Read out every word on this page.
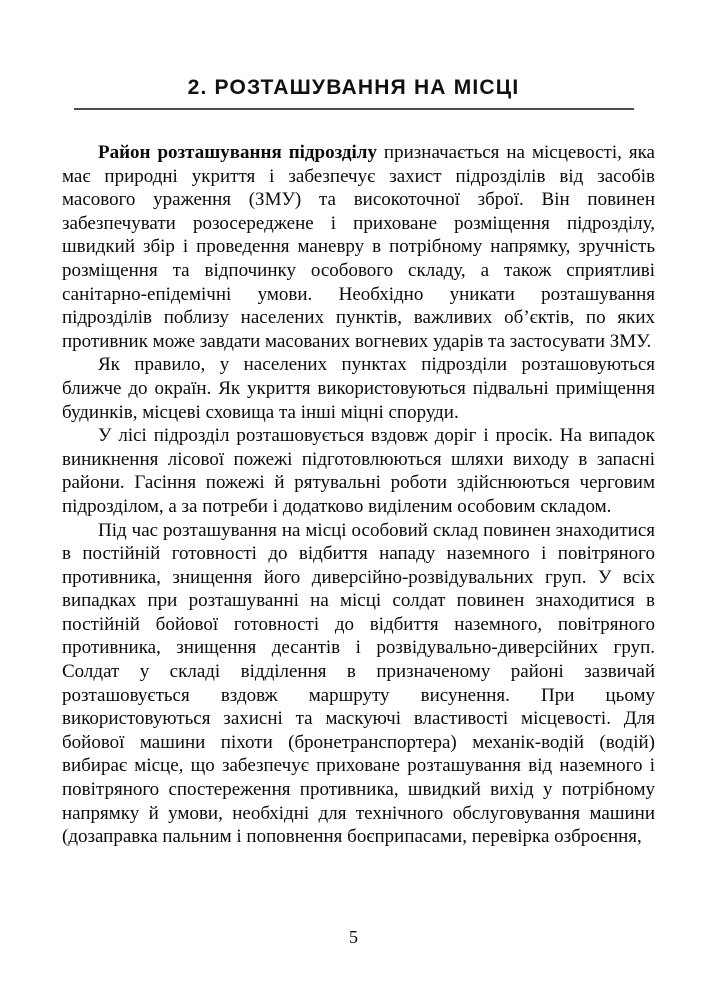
2. РОЗТАШУВАННЯ НА МІСЦІ

Район розташування підрозділу призначається на місцевості, яка має природні укриття і забезпечує захист підрозділів від засобів масового ураження (ЗМУ) та високоточної зброї. Він повинен забезпечувати розосереджене і приховане розміщення підрозділу, швидкий збір і проведення маневру в потрібному напрямку, зручність розміщення та відпочинку особового складу, а також сприятливі санітарно-епідемічні умови. Необхідно уникати розташування підрозділів поблизу населених пунктів, важливих об’єктів, по яких противник може завдати масованих вогневих ударів та застосувати ЗМУ.

Як правило, у населених пунктах підрозділи розташовуються ближче до окраїн. Як укриття використовуються підвальні приміщення будинків, місцеві сховища та інші міцні споруди.

У лісі підрозділ розташовується вздовж доріг і просік. На випадок виникнення лісової пожежі підготовлюються шляхи виходу в запасні райони. Гасіння пожежі й рятувальні роботи здійснюються черговим підрозділом, а за потреби і додатково виділеним особовим складом.

Під час розташування на місці особовий склад повинен знаходитися в постійній готовності до відбиття нападу наземного і повітряного противника, знищення його диверсійно-розвідувальних груп. У всіх випадках при розташуванні на місці солдат повинен знаходитися в постійній бойової готовності до відбиття наземного, повітряного противника, знищення десантів і розвідувально-диверсійних груп. Солдат у складі відділення в призначеному районі зазвичай розташовується вздовж маршруту висунення. При цьому використовуються захисні та маскуючі властивості місцевості. Для бойової машини піхоти (бронетранспортера) механік-водій (водій) вибирає місце, що забезпечує приховане розташування від наземного і повітряного спостереження противника, швидкий вихід у потрібному напрямку й умови, необхідні для технічного обслуговування машини (дозаправка пальним і поповнення боєприпасами, перевірка озброєння,

5
